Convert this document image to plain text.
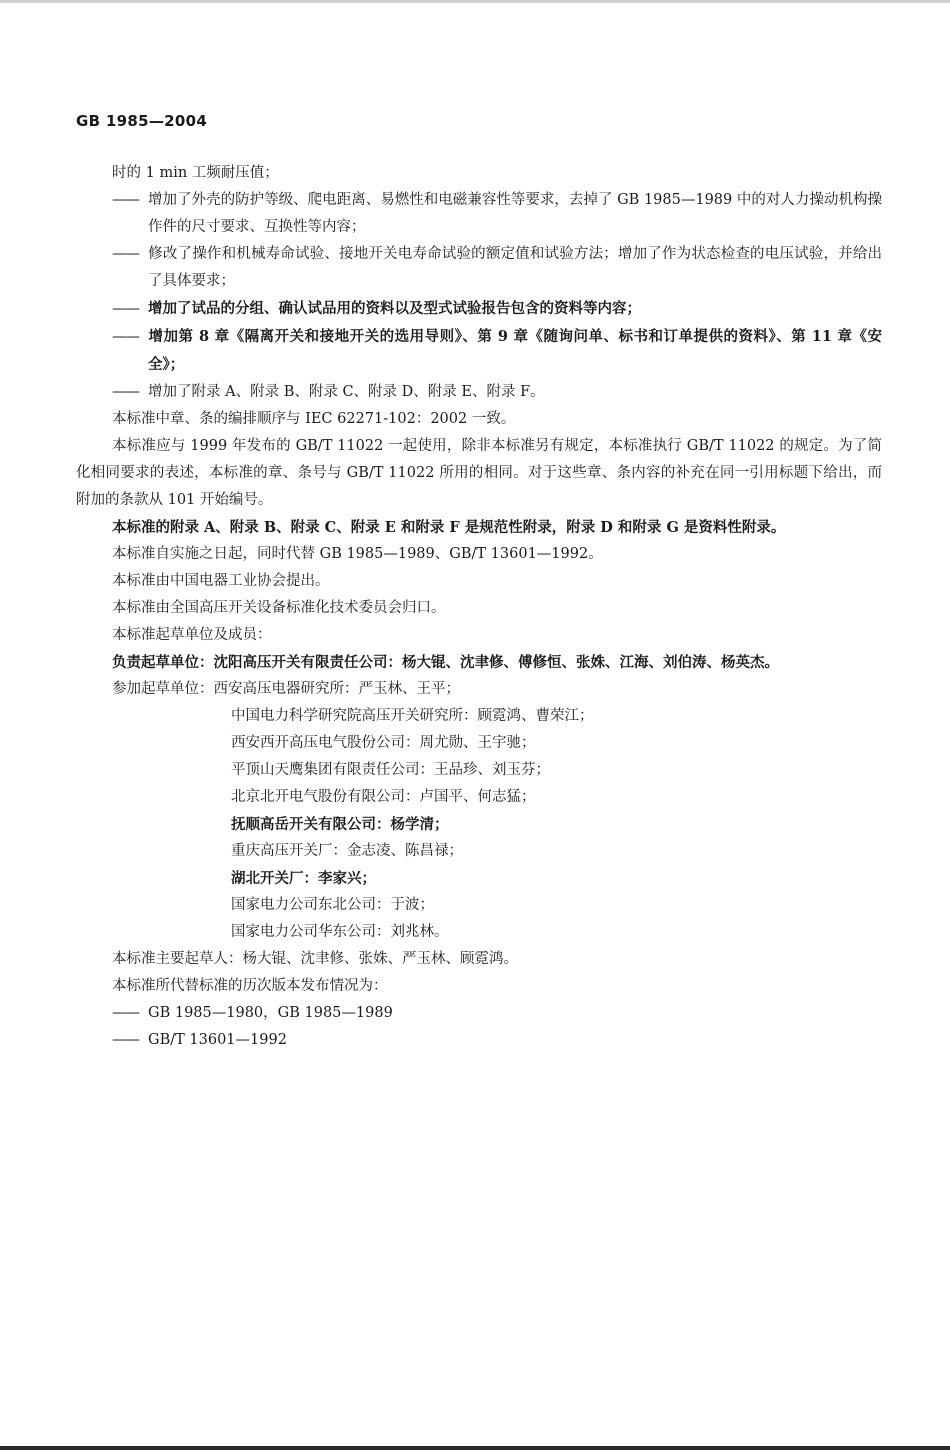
GB 1985—2004

时的 1 min 工频耐压值；

—— 增加了外壳的防护等级、爬电距离、易燃性和电磁兼容性等要求，去掉了 GB 1985—1989 中的对人力操动机构操作件的尺寸要求、互换性等内容；

—— 修改了操作和机械寿命试验、接地开关电寿命试验的额定值和试验方法；增加了作为状态检查的电压试验，并给出了具体要求；

—— 增加了试品的分组、确认试品用的资料以及型式试验报告包含的资料等内容；

—— 增加第 8 章《隔离开关和接地开关的选用导则》、第 9 章《随询问单、标书和订单提供的资料》、第 11 章《安全》；

—— 增加了附录 A、附录 B、附录 C、附录 D、附录 E、附录 F。

本标准中章、条的编排顺序与 IEC 62271-102：2002 一致。

本标准应与 1999 年发布的 GB/T 11022 一起使用，除非本标准另有规定，本标准执行 GB/T 11022 的规定。为了简化相同要求的表述，本标准的章、条号与 GB/T 11022 所用的相同。对于这些章、条内容的补充在同一引用标题下给出，而附加的条款从 101 开始编号。

本标准的附录 A、附录 B、附录 C、附录 E 和附录 F 是规范性附录，附录 D 和附录 G 是资料性附录。

本标准自实施之日起，同时代替 GB 1985—1989、GB/T 13601—1992。

本标准由中国电器工业协会提出。

本标准由全国高压开关设备标准化技术委员会归口。

本标准起草单位及成员：

负责起草单位：沈阳高压开关有限责任公司：杨大锟、沈聿修、傅修恒、张姝、江海、刘伯涛、杨英杰。

参加起草单位：西安高压电器研究所：严玉林、王平；

中国电力科学研究院高压开关研究所：顾霓鸿、曹荣江；

西安西开高压电气股份公司：周尤勋、王宇驰；

平顶山天鹰集团有限责任公司：王品珍、刘玉芬；

北京北开电气股份有限公司：卢国平、何志猛；

抚顺高岳开关有限公司：杨学清；

重庆高压开关厂：金志凌、陈昌禄；

湖北开关厂：李家兴；

国家电力公司东北公司：于波；

国家电力公司华东公司：刘兆林。

本标准主要起草人：杨大锟、沈聿修、张姝、严玉林、顾霓鸿。

本标准所代替标准的历次版本发布情况为：

—— GB 1985—1980，GB 1985—1989

—— GB/T 13601—1992
